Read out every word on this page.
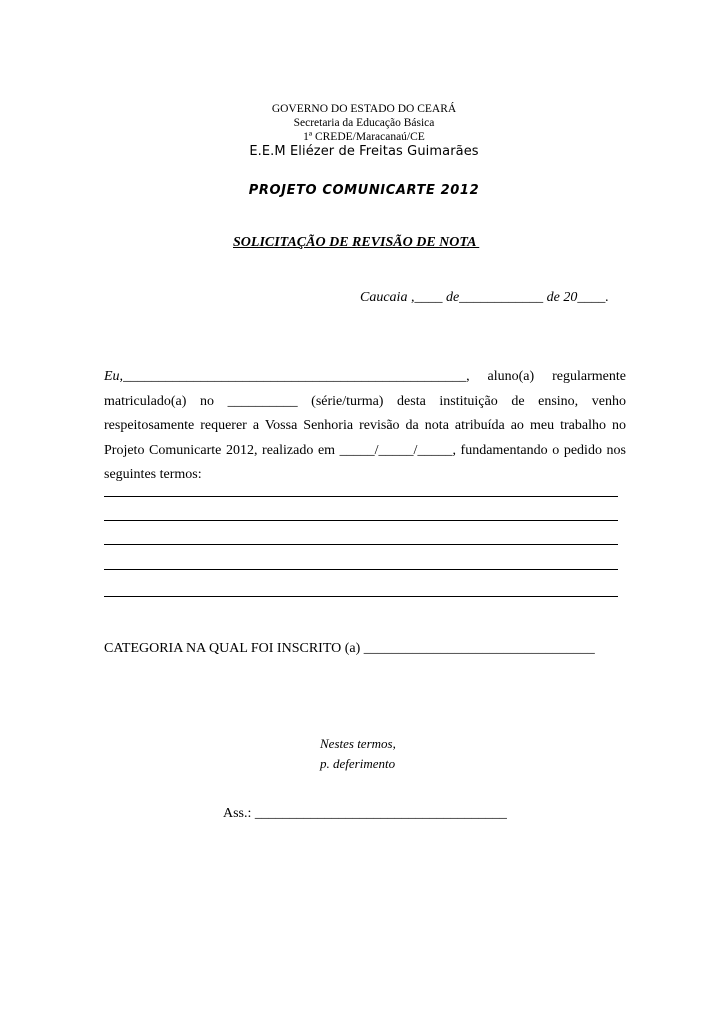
GOVERNO DO ESTADO DO CEARÁ
Secretaria da Educação Básica
1ª CREDE/Maracanaú/CE
E.E.M Eliézer de Freitas Guimarães
PROJETO COMUNICARTE 2012
SOLICITAÇÃO DE REVISÃO DE NOTA
Caucaia ,____ de____________ de 20____.
Eu,_________________________________________________, aluno(a) regularmente matriculado(a) no __________ (série/turma) desta instituição de ensino, venho respeitosamente requerer a Vossa Senhoria revisão da nota atribuída ao meu trabalho no Projeto Comunicarte 2012, realizado em _____/_____/_____, fundamentando o pedido nos seguintes termos:
CATEGORIA NA QUAL FOI INSCRITO (a) _________________________________
Nestes termos,
p. deferimento
Ass.: ____________________________________
